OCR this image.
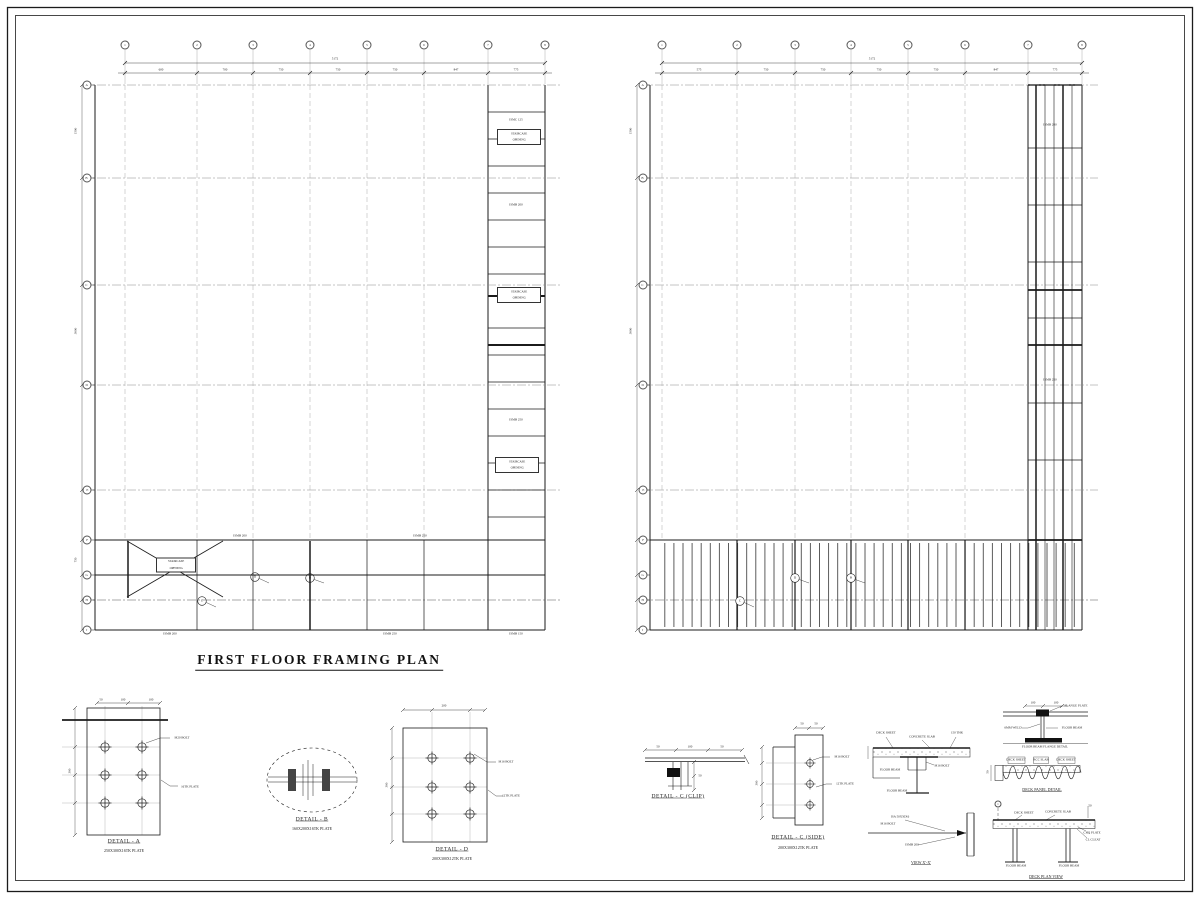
1	2	3	4	5	6	7	8	1	2	3	4	5	6	7	8
A
B
C
D
E
F
G
H
J
A
B
C
D
E
F
G
H
J
600	700	750	750	750	847	775
5172
575	750	750	750	750	847	775
5172
1500
3000
750
1500
3000
STAIRCASE
OPENING
STAIRCASE
OPENING
STAIRCASE
OPENING
STAIRCASE
OPENING
ISMC 125
ISMB 200
ISMB 250
ISMB 200	ISMB 250
ISMB 200	ISMB 250	ISMB 150
ISMB 200
ISMB 250
C
D	B
C
D	B
FIRST FLOOR FRAMING PLAN
50	100	100
300
M20 BOLT
16TK PLATE
DETAIL - A
250X300X16TK PLATE
DETAIL - B
160X200X16TK PLATE
200
300
M16 BOLT
12TK PLATE
DETAIL - D
200X300X12TK PLATE
50	100	50
50
DETAIL - C (CLIP)
50 50
300
M16 BOLT
12TK PLATE
DETAIL - C (SIDE)
200X300X12TK PLATE
DECK SHEET
CONCRETE SLAB
150 THK
M16 BOLT
FLOOR BEAM
FLOOR BEAM
ISA 50X50X6
M16 BOLT
ISMB 200
VIEW X'-X'
100	100
FLANGE PLATE
FLOOR BEAM
6MM WELD
FLOOR BEAM FLANGE DETAIL
DECK SHEET RCC SLAB DECK SHEET
50
DECK PANEL DETAIL
1
DECK SHEET CONCRETE SLAB
50
CHQ PLATE
CL CLEAT
FLOOR BEAM	FLOOR BEAM
DECK PLAN VIEW
